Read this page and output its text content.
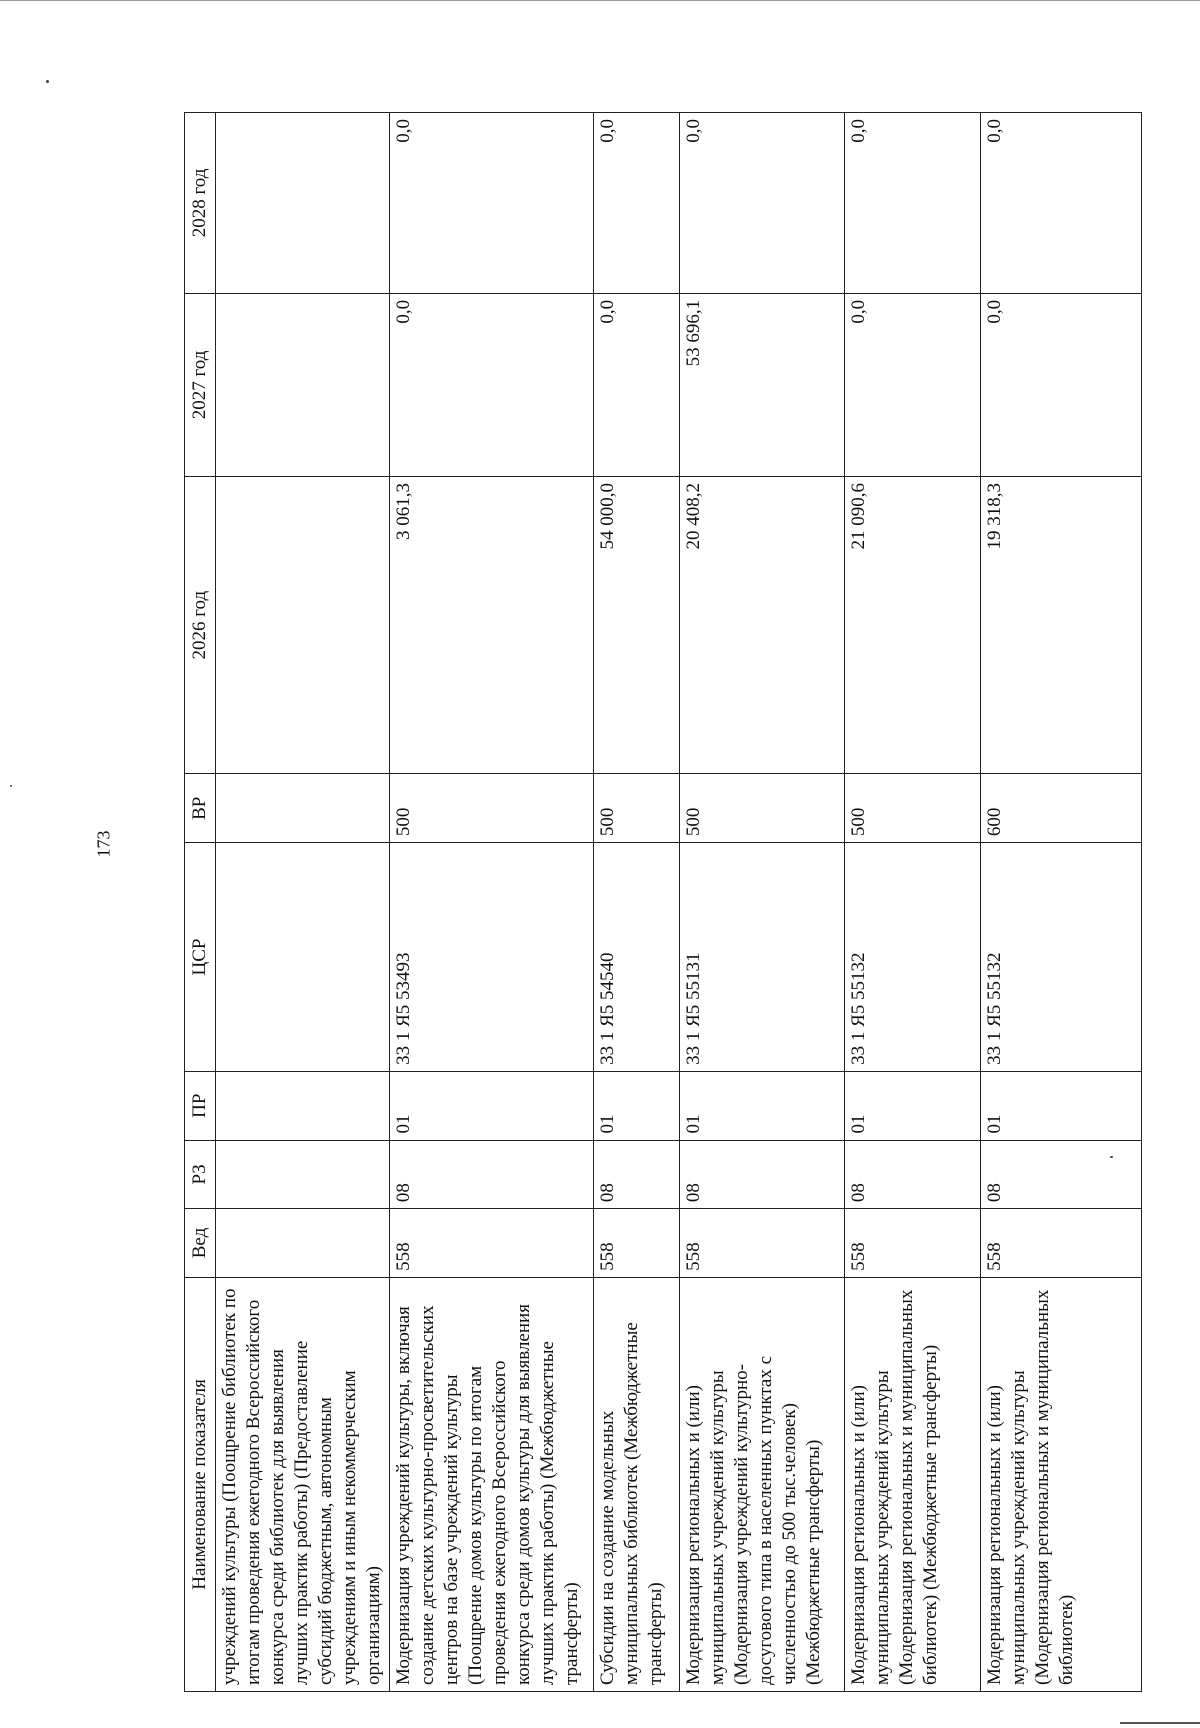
173
Наименование показателя	Вед	РЗ	ПР	ЦСР	ВР	2026 год	2027 год	2028 год
учреждений культуры (Поощрение библиотек по итогам проведения ежегодного Всероссийского конкурса среди библиотек для выявления лучших практик работы) (Предоставление субсидий бюджетным, автономным учреждениям и иным некоммерческим организациям)								
Модернизация учреждений культуры, включая создание детских культурно-просветительских центров на базе учреждений культуры (Поощрение домов культуры по итогам проведения ежегодного Всероссийского конкурса среди домов культуры для выявления лучших практик работы) (Межбюджетные трансферты)	558	08	01	33 1 Я5 53493	500	3 061,3	0,0	0,0
Субсидии на создание модельных муниципальных библиотек (Межбюджетные трансферты)	558	08	01	33 1 Я5 54540	500	54 000,0	0,0	0,0
Модернизация региональных и (или) муниципальных учреждений культуры (Модернизация учреждений культурно-досугового типа в населенных пунктах с численностью до 500 тыс.человек) (Межбюджетные трансферты)	558	08	01	33 1 Я5 55131	500	20 408,2	53 696,1	0,0
Модернизация региональных и (или) муниципальных учреждений культуры (Модернизация региональных и муниципальных библиотек) (Межбюджетные трансферты)	558	08	01	33 1 Я5 55132	500	21 090,6	0,0	0,0
Модернизация региональных и (или) муниципальных учреждений культуры (Модернизация региональных и муниципальных библиотек)	558	08	01	33 1 Я5 55132	600	19 318,3	0,0	0,0
